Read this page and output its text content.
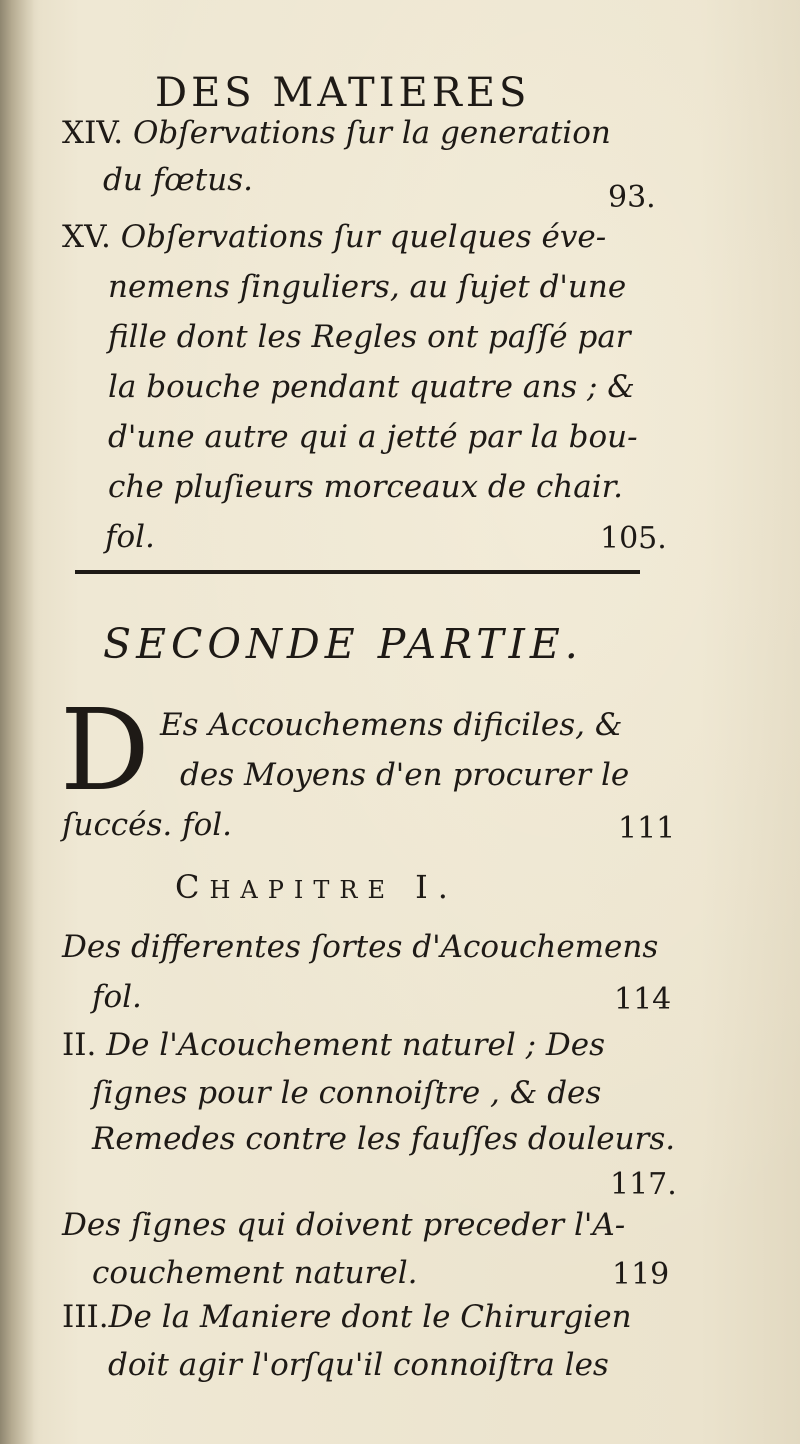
DES MATIERES
XIV. Obſervations ſur la generation
du fœtus.	93.
XV. Obſervations ſur quelques éve-
nemens ſinguliers, au ſujet d'une
fille dont les Regles ont paſſé par
la bouche pendant quatre ans ; &
d'une autre qui a jetté par la bou-
che pluſieurs morceaux de chair.
fol.	105.
SECONDE PARTIE.
D Es Accouchemens dificiles, &
des Moyens d'en procurer le
ſuccés. fol.	111
CHAPITRE I.
Des differentes ſortes d'Acouchemens
fol.	114
II. De l'Acouchement naturel ; Des
ſignes pour le connoiſtre , & des
Remedes contre les fauſſes douleurs.
117.
Des ſignes qui doivent preceder l'A-
couchement naturel.	119
III.De la Maniere dont le Chirurgien
doit agir l'orſqu'il connoiſtra les
